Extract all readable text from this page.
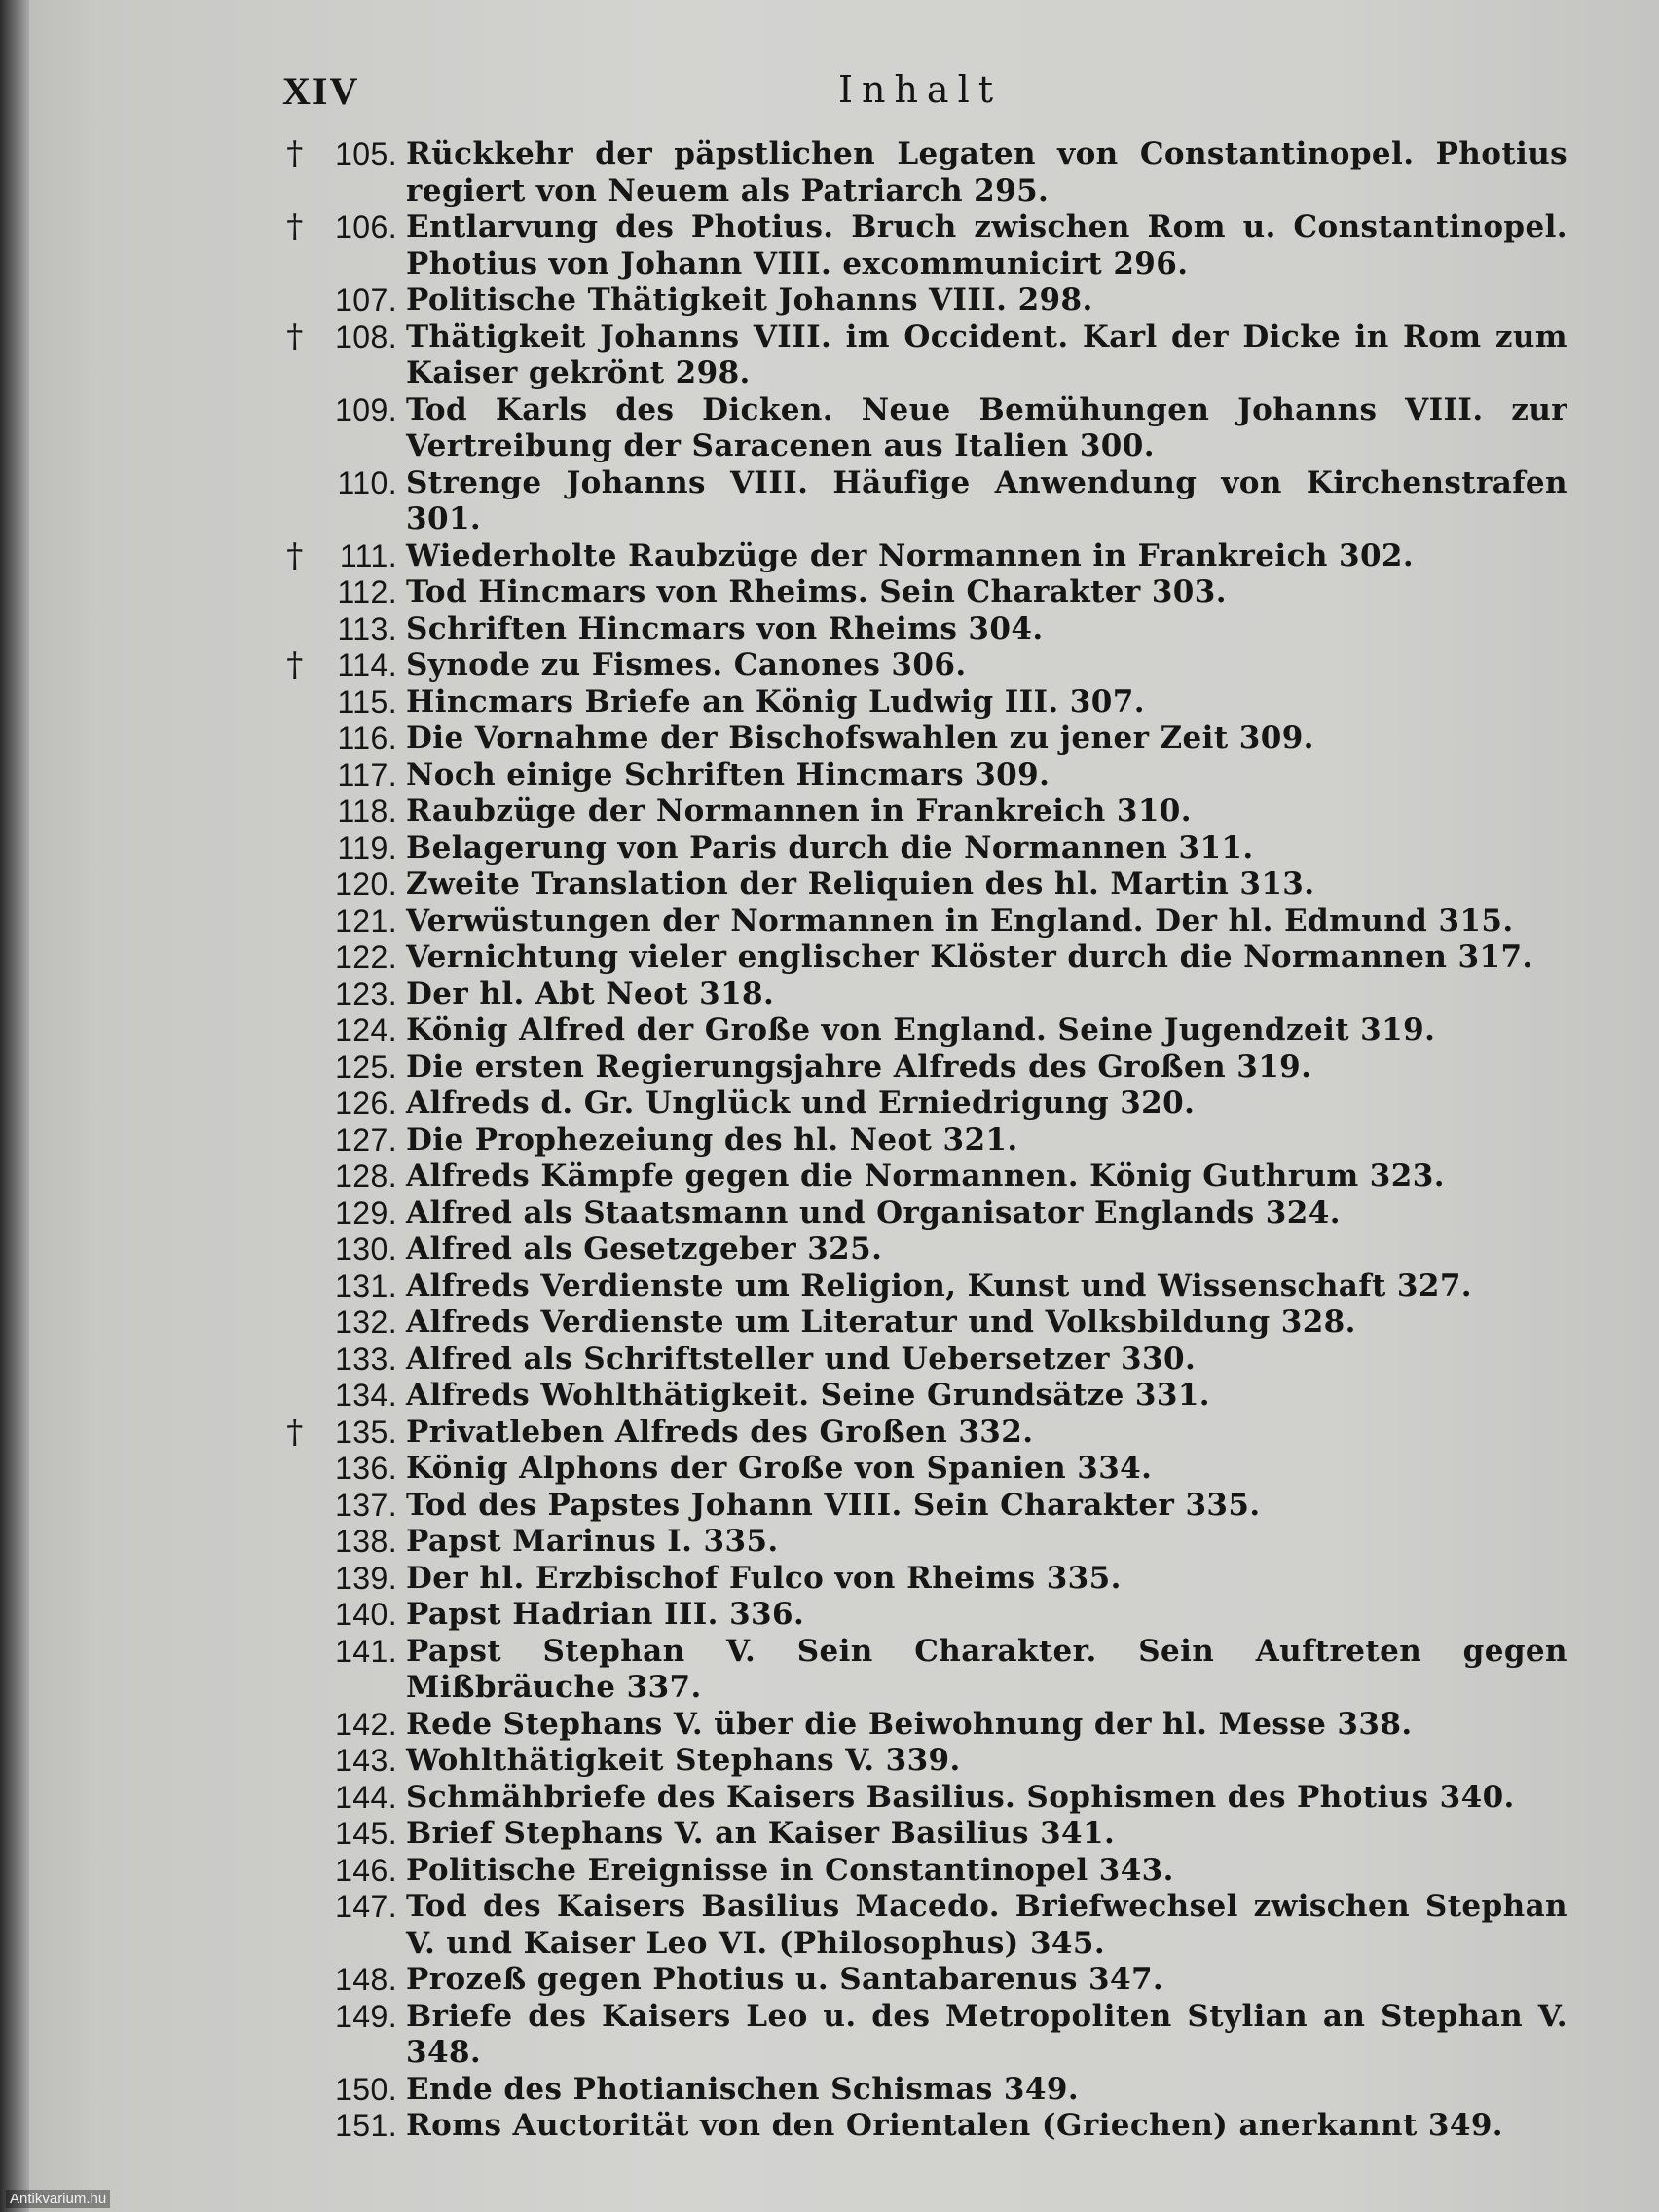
XIV	Inhalt
†	105. Rückkehr der päpstlichen Legaten von Constantinopel. Photius regiert von Neuem als Patriarch 295.
†	106. Entlarvung des Photius. Bruch zwischen Rom u. Constantinopel. Photius von Johann VIII. excommunicirt 296.
107. Politische Thätigkeit Johanns VIII. 298.
†	108. Thätigkeit Johanns VIII. im Occident. Karl der Dicke in Rom zum Kaiser gekrönt 298.
109. Tod Karls des Dicken. Neue Bemühungen Johanns VIII. zur Vertreibung der Saracenen aus Italien 300.
110. Strenge Johanns VIII. Häufige Anwendung von Kirchenstrafen 301.
†	111. Wiederholte Raubzüge der Normannen in Frankreich 302.
112. Tod Hincmars von Rheims. Sein Charakter 303.
113. Schriften Hincmars von Rheims 304.
†	114. Synode zu Fismes. Canones 306.
115. Hincmars Briefe an König Ludwig III. 307.
116. Die Vornahme der Bischofswahlen zu jener Zeit 309.
117. Noch einige Schriften Hincmars 309.
118. Raubzüge der Normannen in Frankreich 310.
119. Belagerung von Paris durch die Normannen 311.
120. Zweite Translation der Reliquien des hl. Martin 313.
121. Verwüstungen der Normannen in England. Der hl. Edmund 315.
122. Vernichtung vieler englischer Klöster durch die Normannen 317.
123. Der hl. Abt Neot 318.
124. König Alfred der Große von England. Seine Jugendzeit 319.
125. Die ersten Regierungsjahre Alfreds des Großen 319.
126. Alfreds d. Gr. Unglück und Erniedrigung 320.
127. Die Prophezeiung des hl. Neot 321.
128. Alfreds Kämpfe gegen die Normannen. König Guthrum 323.
129. Alfred als Staatsmann und Organisator Englands 324.
130. Alfred als Gesetzgeber 325.
131. Alfreds Verdienste um Religion, Kunst und Wissenschaft 327.
132. Alfreds Verdienste um Literatur und Volksbildung 328.
133. Alfred als Schriftsteller und Uebersetzer 330.
134. Alfreds Wohlthätigkeit. Seine Grundsätze 331.
†	135. Privatleben Alfreds des Großen 332.
136. König Alphons der Große von Spanien 334.
137. Tod des Papstes Johann VIII. Sein Charakter 335.
138. Papst Marinus I. 335.
139. Der hl. Erzbischof Fulco von Rheims 335.
140. Papst Hadrian III. 336.
141. Papst Stephan V. Sein Charakter. Sein Auftreten gegen Mißbräuche 337.
142. Rede Stephans V. über die Beiwohnung der hl. Messe 338.
143. Wohlthätigkeit Stephans V. 339.
144. Schmähbriefe des Kaisers Basilius. Sophismen des Photius 340.
145. Brief Stephans V. an Kaiser Basilius 341.
146. Politische Ereignisse in Constantinopel 343.
147. Tod des Kaisers Basilius Macedo. Briefwechsel zwischen Stephan V. und Kaiser Leo VI. (Philosophus) 345.
148. Prozeß gegen Photius u. Santabarenus 347.
149. Briefe des Kaisers Leo u. des Metropoliten Stylian an Stephan V. 348.
150. Ende des Photianischen Schismas 349.
151. Roms Auctorität von den Orientalen (Griechen) anerkannt 349.
Antikvarium.hu
